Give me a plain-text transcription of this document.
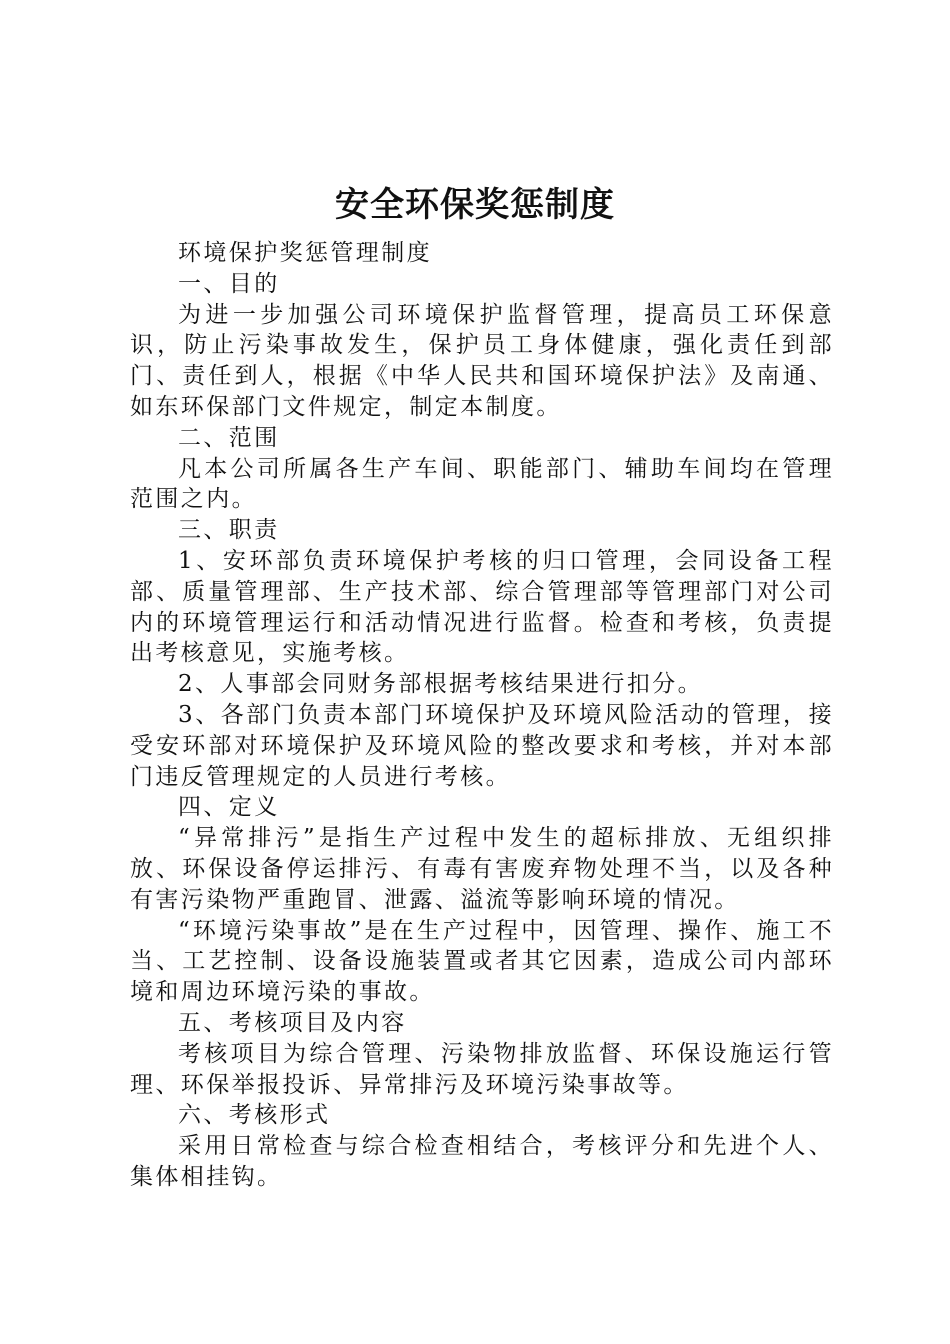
安全环保奖惩制度

环境保护奖惩管理制度

一、目的

为进一步加强公司环境保护监督管理，提高员工环保意识，防止污染事故发生，保护员工身体健康，强化责任到部门、责任到人，根据《中华人民共和国环境保护法》及南通、如东环保部门文件规定，制定本制度。

二、范围

凡本公司所属各生产车间、职能部门、辅助车间均在管理范围之内。

三、职责

1、安环部负责环境保护考核的归口管理，会同设备工程部、质量管理部、生产技术部、综合管理部等管理部门对公司内的环境管理运行和活动情况进行监督。检查和考核，负责提出考核意见，实施考核。

2、人事部会同财务部根据考核结果进行扣分。

3、各部门负责本部门环境保护及环境风险活动的管理，接受安环部对环境保护及环境风险的整改要求和考核，并对本部门违反管理规定的人员进行考核。

四、定义

“异常排污”是指生产过程中发生的超标排放、无组织排放、环保设备停运排污、有毒有害废弃物处理不当，以及各种有害污染物严重跑冒、泄露、溢流等影响环境的情况。

“环境污染事故”是在生产过程中，因管理、操作、施工不当、工艺控制、设备设施装置或者其它因素，造成公司内部环境和周边环境污染的事故。

五、考核项目及内容

考核项目为综合管理、污染物排放监督、环保设施运行管理、环保举报投诉、异常排污及环境污染事故等。

六、考核形式

采用日常检查与综合检查相结合，考核评分和先进个人、集体相挂钩。
